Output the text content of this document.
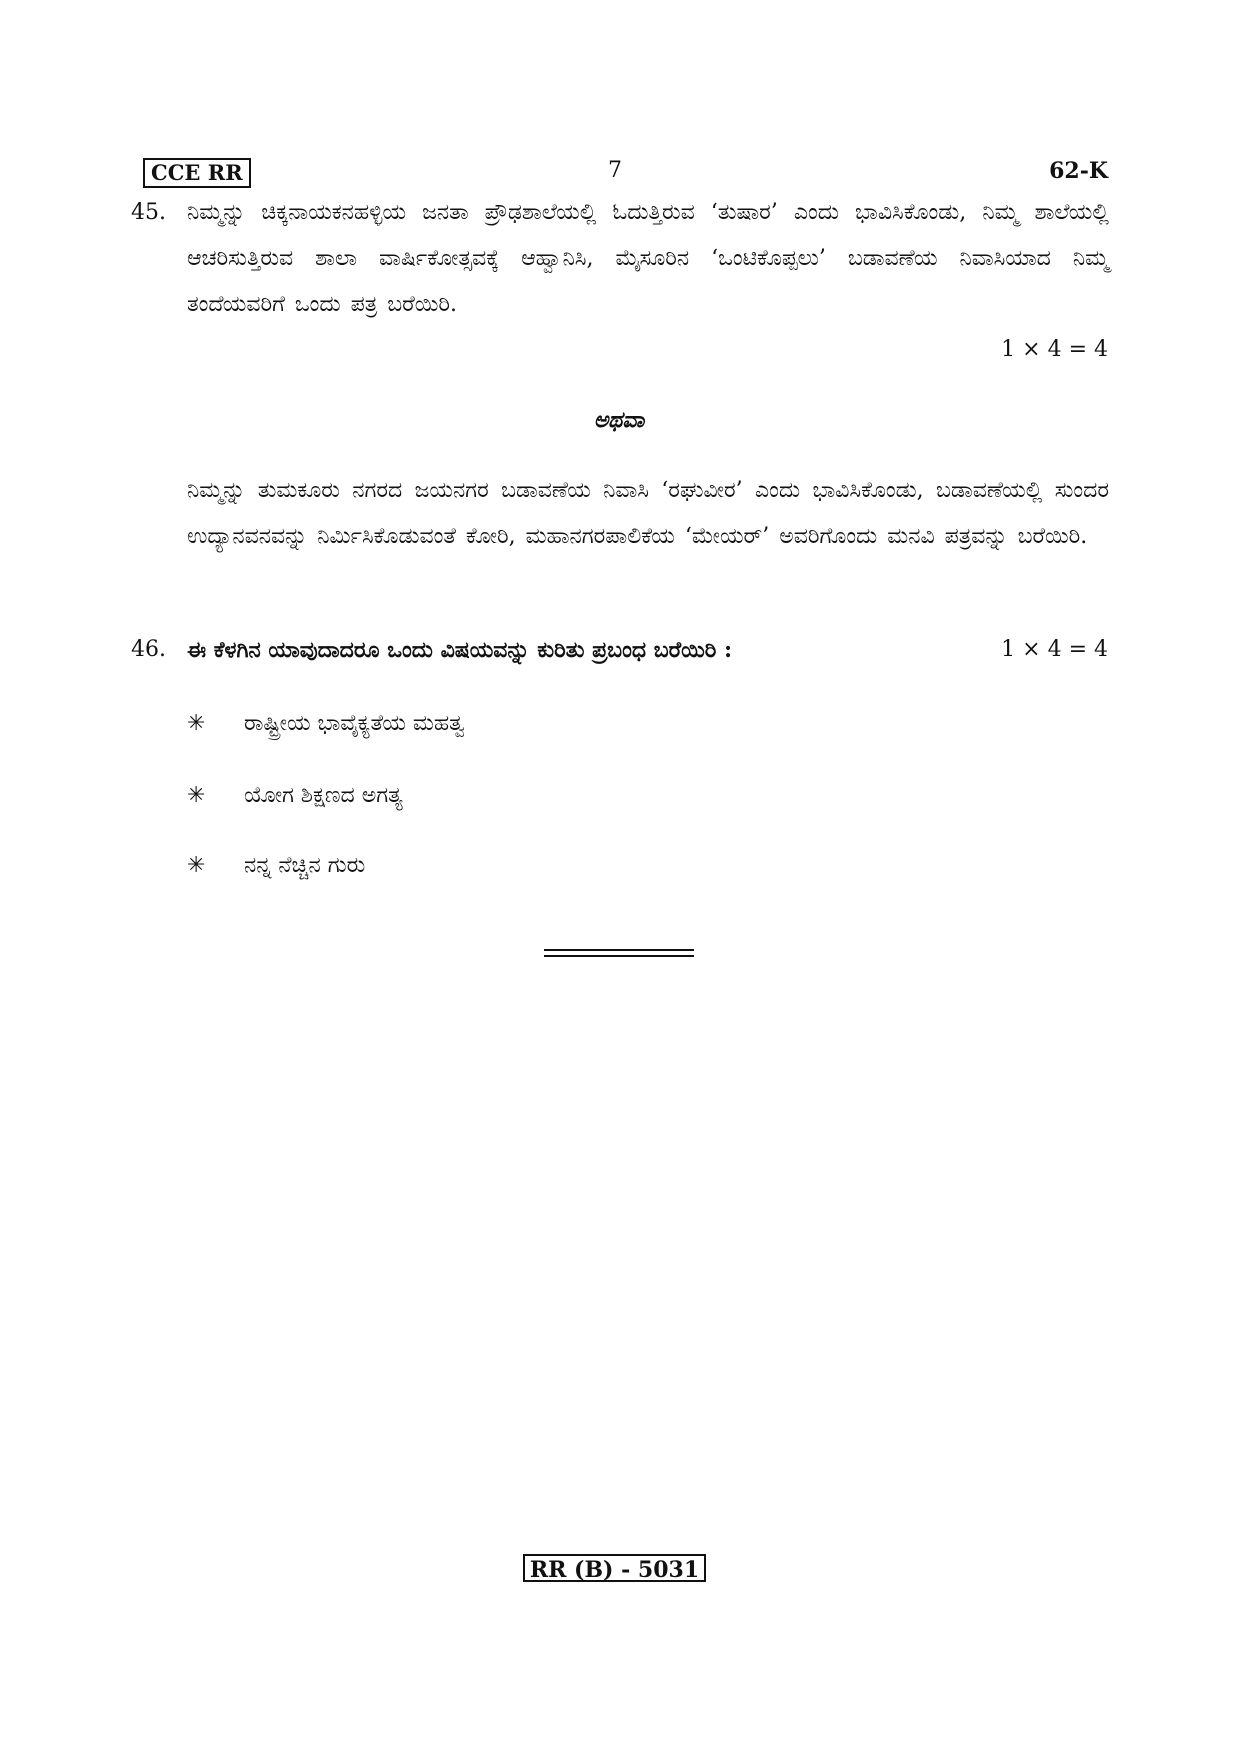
CCE RR	7	62-K
45. ನಿಮ್ಮನ್ನು ಚಿಕ್ಕನಾಯಕನಹಳ್ಳಿಯ ಜನತಾ ಪ್ರೌಢಶಾಲೆಯಲ್ಲಿ ಓದುತ್ತಿರುವ ‘ತುಷಾರ’ ಎಂದು ಭಾವಿಸಿಕೊಂಡು, ನಿಮ್ಮ ಶಾಲೆಯಲ್ಲಿ ಆಚರಿಸುತ್ತಿರುವ ಶಾಲಾ ವಾರ್ಷಿಕೋತ್ಸವಕ್ಕೆ ಆಹ್ವಾನಿಸಿ, ಮೈಸೂರಿನ ‘ಒಂಟಿಕೊಪ್ಪಲು’ ಬಡಾವಣೆಯ ನಿವಾಸಿಯಾದ ನಿಮ್ಮ ತಂದೆಯವರಿಗೆ ಒಂದು ಪತ್ರ ಬರೆಯಿರಿ.
1 × 4 = 4
ಅಥವಾ
ನಿಮ್ಮನ್ನು ತುಮಕೂರು ನಗರದ ಜಯನಗರ ಬಡಾವಣೆಯ ನಿವಾಸಿ ‘ರಘುವೀರ’ ಎಂದು ಭಾವಿಸಿಕೊಂಡು, ಬಡಾವಣೆಯಲ್ಲಿ ಸುಂದರ ಉದ್ಯಾನವನವನ್ನು ನಿರ್ಮಿಸಿಕೊಡುವಂತೆ ಕೋರಿ, ಮಹಾನಗರಪಾಲಿಕೆಯ ‘ಮೇಯರ್’ ಅವರಿಗೊಂದು ಮನವಿ ಪತ್ರವನ್ನು ಬರೆಯಿರಿ.
46. ಈ ಕೆಳಗಿನ ಯಾವುದಾದರೂ ಒಂದು ವಿಷಯವನ್ನು ಕುರಿತು ಪ್ರಬಂಧ ಬರೆಯಿರಿ :	1 × 4 = 4
✳	ರಾಷ್ಟ್ರೀಯ ಭಾವೈಕ್ಯತೆಯ ಮಹತ್ವ
✳	ಯೋಗ ಶಿಕ್ಷಣದ ಅಗತ್ಯ
✳	ನನ್ನ ನೆಚ್ಚಿನ ಗುರು
RR (B) - 5031
